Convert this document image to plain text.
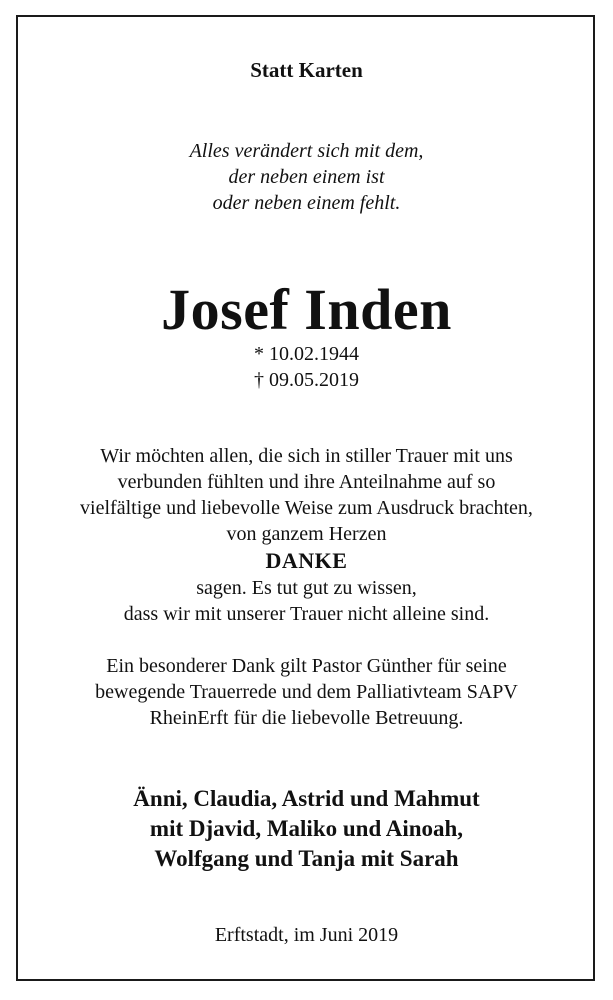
Statt Karten
Alles verändert sich mit dem,
der neben einem ist
oder neben einem fehlt.
Josef Inden
* 10.02.1944
† 09.05.2019
Wir möchten allen, die sich in stiller Trauer mit uns
verbunden fühlten und ihre Anteilnahme auf so
vielfältige und liebevolle Weise zum Ausdruck brachten,
von ganzem Herzen
DANKE
sagen. Es tut gut zu wissen,
dass wir mit unserer Trauer nicht alleine sind.
Ein besonderer Dank gilt Pastor Günther für seine
bewegende Trauerrede und dem Palliativteam SAPV
RheinErft für die liebevolle Betreuung.
Änni, Claudia, Astrid und Mahmut
mit Djavid, Maliko und Ainoah,
Wolfgang und Tanja mit Sarah
Erftstadt, im Juni 2019
